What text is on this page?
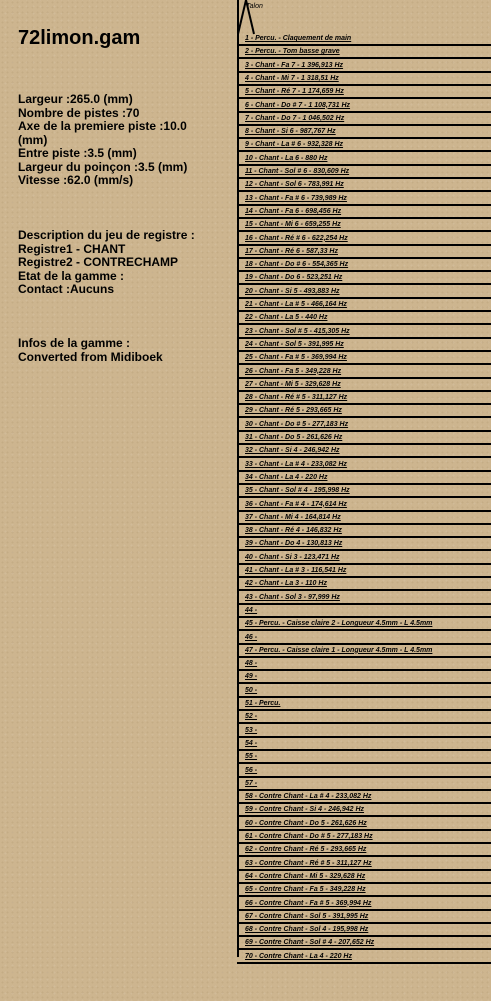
72limon.gam
Largeur :265.0 (mm)
Nombre de pistes :70
Axe de la premiere piste :10.0 (mm)
Entre piste :3.5 (mm)
Largeur du poinçon :3.5 (mm)
Vitesse :62.0 (mm/s)
Description du jeu de registre :
Registre1 - CHANT
Registre2 - CONTRECHAMP
Etat de la gamme :
Contact :Aucuns
Infos de la gamme :
Converted from Midiboek
Talon
1 - Percu. - Claquement de main
2 - Percu. - Tom basse grave
3 - Chant - Fa 7 - 1 396,913 Hz
4 - Chant - Mi 7 - 1 318,51 Hz
5 - Chant - Ré 7 - 1 174,659 Hz
6 - Chant - Do # 7 - 1 108,731 Hz
7 - Chant - Do 7 - 1 046,502 Hz
8 - Chant - Si 6 - 987,767 Hz
9 - Chant - La # 6 - 932,328 Hz
10 - Chant - La 6 - 880 Hz
11 - Chant - Sol # 6 - 830,609 Hz
12 - Chant - Sol 6 - 783,991 Hz
13 - Chant - Fa # 6 - 739,989 Hz
14 - Chant - Fa 6 - 698,456 Hz
15 - Chant - Mi 6 - 659,255 Hz
16 - Chant - Ré # 6 - 622,254 Hz
17 - Chant - Ré 6 - 587,33 Hz
18 - Chant - Do # 6 - 554,365 Hz
19 - Chant - Do 6 - 523,251 Hz
20 - Chant - Si 5 - 493,883 Hz
21 - Chant - La # 5 - 466,164 Hz
22 - Chant - La 5 - 440 Hz
23 - Chant - Sol # 5 - 415,305 Hz
24 - Chant - Sol 5 - 391,995 Hz
25 - Chant - Fa # 5 - 369,994 Hz
26 - Chant - Fa 5 - 349,228 Hz
27 - Chant - Mi 5 - 329,628 Hz
28 - Chant - Ré # 5 - 311,127 Hz
29 - Chant - Ré 5 - 293,665 Hz
30 - Chant - Do # 5 - 277,183 Hz
31 - Chant - Do 5 - 261,626 Hz
32 - Chant - Si 4 - 246,942 Hz
33 - Chant - La # 4 - 233,082 Hz
34 - Chant - La 4 - 220 Hz
35 - Chant - Sol # 4 - 195,998 Hz
36 - Chant - Fa # 4 - 174,614 Hz
37 - Chant - Mi 4 - 164,814 Hz
38 - Chant - Ré 4 - 146,832 Hz
39 - Chant - Do 4 - 130,813 Hz
40 - Chant - Si 3 - 123,471 Hz
41 - Chant - La # 3 - 116,541 Hz
42 - Chant - La 3 - 110 Hz
43 - Chant - Sol 3 - 97,999 Hz
44 -
45 - Percu. - Caisse claire 2 - Longueur 4.5mm - L 4.5mm
46 -
47 - Percu. - Caisse claire 1 - Longueur 4.5mm - L 4.5mm
48 -
49 -
50 -
51 - Percu.
52 -
53 -
54 -
55 -
56 -
57 -
58 - Contre Chant - La # 4 - 233,082 Hz
59 - Contre Chant - Si 4 - 246,942 Hz
60 - Contre Chant - Do 5 - 261,626 Hz
61 - Contre Chant - Do # 5 - 277,183 Hz
62 - Contre Chant - Ré 5 - 293,665 Hz
63 - Contre Chant - Ré # 5 - 311,127 Hz
64 - Contre Chant - Mi 5 - 329,628 Hz
65 - Contre Chant - Fa 5 - 349,228 Hz
66 - Contre Chant - Fa # 5 - 369,994 Hz
67 - Contre Chant - Sol 5 - 391,995 Hz
68 - Contre Chant - Sol 4 - 195,998 Hz
69 - Contre Chant - Sol # 4 - 207,652 Hz
70 - Contre Chant - La 4 - 220 Hz
